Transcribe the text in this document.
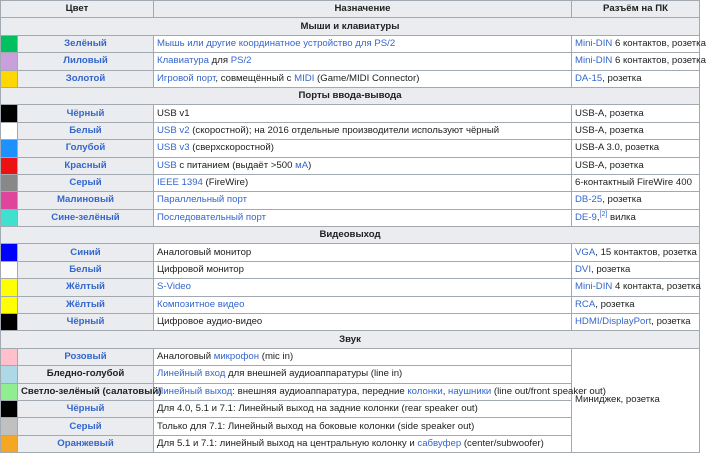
Цвет		Назначение	Разъём на ПК
Мыши и клавиатуры			
	Зелёный	Мышь или другие координатное устройство для PS/2	Mini-DIN 6 контактов, розетка
	Лиловый	Клавиатура для PS/2	Mini-DIN 6 контактов, розетка
	Золотой	Игровой порт, совмещённый с MIDI (Game/MIDI Connector)	DA-15, розетка
Порты ввода-вывода			
	Чёрный	USB v1	USB-A, розетка
	Белый	USB v2 (скоростной); на 2016 отдельные производители используют чёрный	USB-A, розетка
	Голубой	USB v3 (сверхскоростной)	USB-A 3.0, розетка
	Красный	USB с питанием (выдаёт >500 мА)	USB-A, розетка
	Серый	IEEE 1394 (FireWire)	6-контактный FireWire 400
	Малиновый	Параллельный порт	DB-25, розетка
	Сине-зелёный	Последовательный порт	DE-9,[2] вилка
Видеовыход			
	Синий	Аналоговый монитор	VGA, 15 контактов, розетка
	Белый	Цифровой монитор	DVI, розетка
	Жёлтый	S-Video	Mini-DIN 4 контакта, розетка
	Жёлтый	Композитное видео	RCA, розетка
	Чёрный	Цифровое аудио-видео	HDMI/DisplayPort, розетка
Звук			
	Розовый	Аналоговый микрофон (mic in)	Миниджек, розетка
	Бледно-голубой	Линейный вход для внешней аудиоаппаратуры (line in)	
	Светло-зелёный (салатовый)	Линейный выход: внешняя аудиоаппаратура, передние колонки, наушники (line out/front speaker out)	
	Чёрный	Для 4.0, 5.1 и 7.1: Линейный выход на задние колонки (rear speaker out)	
	Серый	Только для 7.1: Линейный выход на боковые колонки (side speaker out)	
	Оранжевый	Для 5.1 и 7.1: линейный выход на центральную колонку и сабвуфер (center/subwoofer)	
